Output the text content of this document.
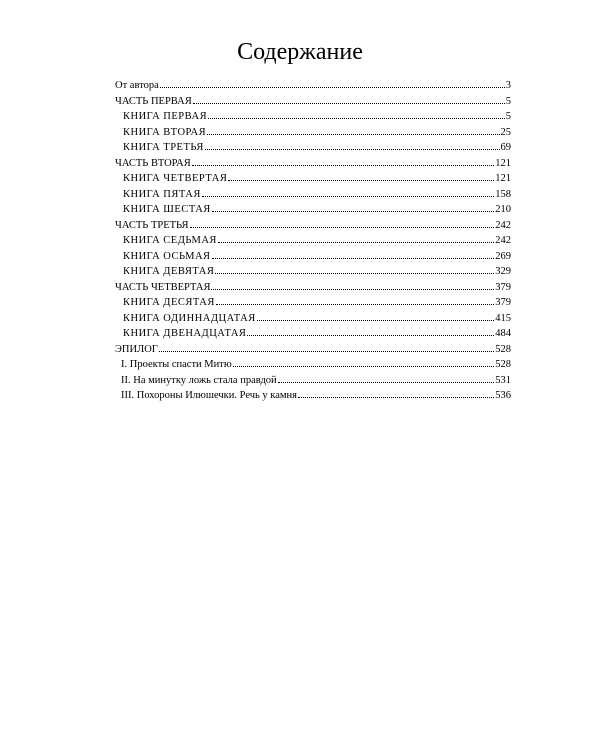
Содержание
От автора	3
ЧАСТЬ ПЕРВАЯ	5
КНИГА ПЕРВАЯ	5
КНИГА ВТОРАЯ	25
КНИГА ТРЕТЬЯ	69
ЧАСТЬ ВТОРАЯ	121
КНИГА ЧЕТВЕРТАЯ	121
КНИГА ПЯТАЯ	158
КНИГА ШЕСТАЯ	210
ЧАСТЬ ТРЕТЬЯ	242
КНИГА СЕДЬМАЯ	242
КНИГА ОСЬМАЯ	269
КНИГА ДЕВЯТАЯ	329
ЧАСТЬ ЧЕТВЕРТАЯ	379
КНИГА ДЕСЯТАЯ	379
КНИГА ОДИННАДЦАТАЯ	415
КНИГА ДВЕНАДЦАТАЯ	484
ЭПИЛОГ	528
I. Проекты спасти Митю	528
II. На минутку ложь стала правдой	531
III. Похороны Илюшечки. Речь у камня	536
